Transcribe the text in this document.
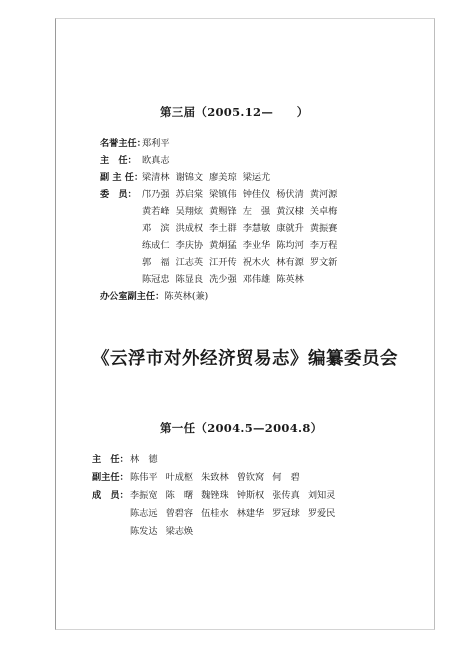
第三届（2005.12—　　）
名誉主任：郑利平
主　任： 欧真志
副 主 任：梁清林 谢锦文 廖美琼 梁运尤
委　员： 邝乃强 苏启棠 梁镇伟 钟佳仪 杨伏清 黄河源
黄若峰 吴翔炫 黄赐锋 左　强 黄汉棣 关卓梅
邓　滨 洪成权 李土群 李慧敏 康就升 黄振賽
练成仁 李庆协 黄炯猛 李业华 陈均河 李万程
郭　福 江志英 江开传 祝木火 林有源 罗文新
陈冠忠 陈显良 冼少强 邓伟雄 陈英林
办公室副主任：陈英林(兼)
《云浮市对外经济贸易志》编纂委员会
第一任（2004.5—2004.8）
主　任：林　德
副主任：陈伟平 叶成枢 朱致林 曾钦窝 何　碧
成　员：李振宽 陈　曙 魏锉珠 钟斯权 张传真 刘知灵
陈志远 曾碧容 伍桂水 林建华 罗冠球 罗爱民
陈发达 梁志焕
